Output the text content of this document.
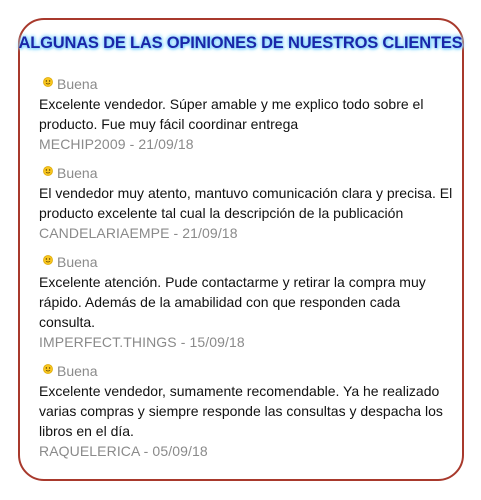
ALGUNAS DE LAS OPINIONES DE NUESTROS CLIENTES
Buena
Excelente vendedor. Súper amable y me explico todo sobre el producto. Fue muy fácil coordinar entrega
MECHIP2009 - 21/09/18
Buena
El vendedor muy atento, mantuvo comunicación clara y precisa. El producto excelente tal cual la descripción de la publicación
CANDELARIAEMPE - 21/09/18
Buena
Excelente atención. Pude contactarme y retirar la compra muy rápido. Además de la amabilidad con que responden cada consulta.
IMPERFECT.THINGS - 15/09/18
Buena
Excelente vendedor, sumamente recomendable. Ya he realizado varias compras y siempre responde las consultas y despacha los libros en el día.
RAQUELERICA - 05/09/18
